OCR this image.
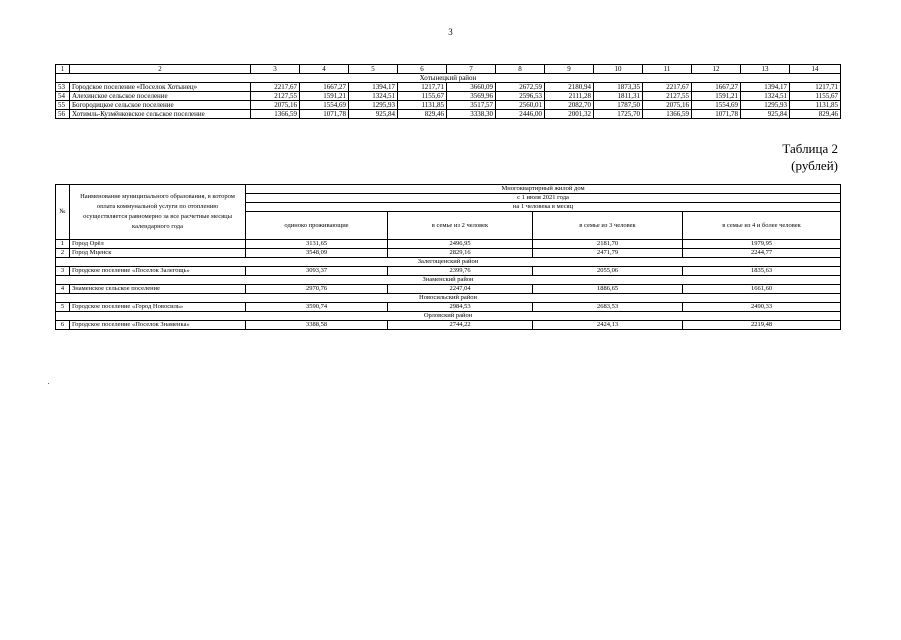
3
1	2	3	4	5	6	7	8	9	10	11	12	13	14
Хотынецкий район													
53	Городское поселение «Поселок Хотынец»	2217,67	1667,27	1394,17	1217,71	3660,09	2672,59	2180,94	1873,35	2217,67	1667,27	1394,17	1217,71
54	Алехинское сельское поселение	2127,55	1591,21	1324,51	1155,67	3569,96	2596,53	2111,28	1811,31	2127,55	1591,21	1324,51	1155,67
55	Богородицкое сельское поселение	2075,16	1554,69	1295,93	1131,85	3517,57	2560,01	2082,70	1787,50	2075,16	1554,69	1295,93	1131,85
56	Хотимль-Кузмёнковское сельское поселение	1366,59	1071,78	925,84	829,46	3338,30	2446,00	2001,32	1725,70	1366,59	1071,78	925,84	829,46
Таблица 2
(рублей)
№	Наименование муниципального образования, в котором оплата коммунальной услуги по отоплению осуществляется равномерно за все расчетные месяцы календарного года	Многоквартирный жилой дом			
		с 1 июля 2021 года			
		на 1 человека в месяц			
		одиноко проживающие	в семье из 2 человек	в семье из 3 человек	в семье из 4 и более человек
1	Город Орёл	3131,65	2496,95	2181,70	1979,95
2	Город Мценск	3548,09	2829,16	2471,79	2244,77
Залегощенский район					
3	Городское поселение «Поселок Залегощь»	3093,37	2399,76	2055,06	1835,63
Знаменский район					
4	Знаменское сельское поселение	2970,76	2247,04	1886,65	1661,60
Новосильский район					
5	Городское поселение «Город Новосиль»	3590,74	2984,53	2683,53	2490,33
Орловский район					
6	Городское поселение «Поселок Знаменка»	3388,58	2744,22	2424,13	2219,48
